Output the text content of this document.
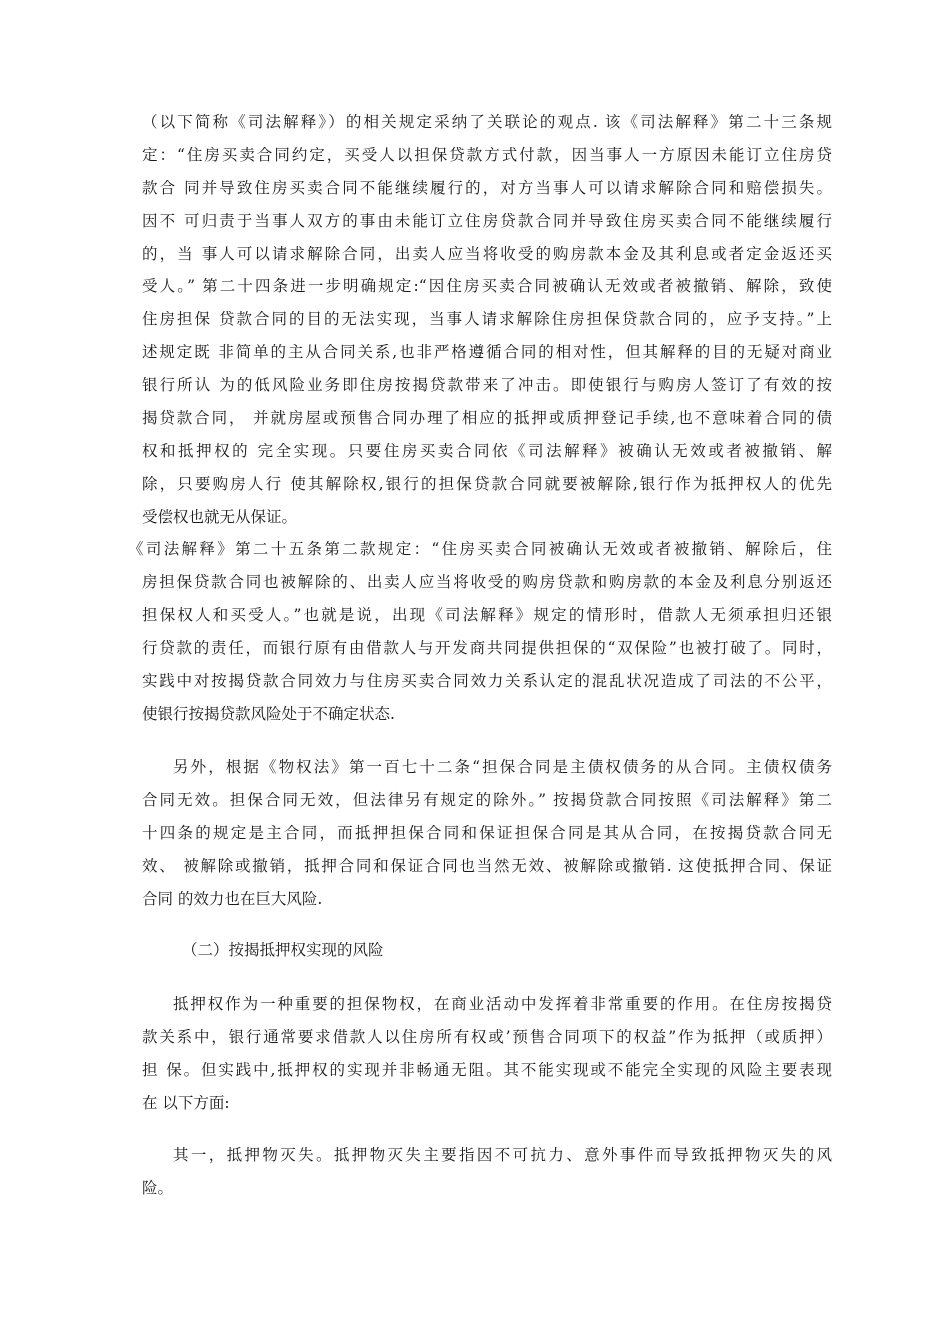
（以下简称《司法解释》）的相关规定采纳了关联论的观点. 该《司法解释》第二十三条规
定：“住房买卖合同约定，买受人以担保贷款方式付款，因当事人一方原因未能订立住房贷
款合 同并导致住房买卖合同不能继续履行的，对方当事人可以请求解除合同和赔偿损失。
因不 可归责于当事人双方的事由未能订立住房贷款合同并导致住房买卖合同不能继续履行
的，当 事人可以请求解除合同，出卖人应当将收受的购房款本金及其利息或者定金返还买
受人。” 第二十四条进一步明确规定:“因住房买卖合同被确认无效或者被撤销、解除，致使
住房担保 贷款合同的目的无法实现，当事人请求解除住房担保贷款合同的，应予支持。”上
述规定既 非简单的主从合同关系,也非严格遵循合同的相对性，但其解释的目的无疑对商业
银行所认 为的低风险业务即住房按揭贷款带来了冲击。即使银行与购房人签订了有效的按
揭贷款合同， 并就房屋或预售合同办理了相应的抵押或质押登记手续,也不意味着合同的债
权和抵押权的 完全实现。只要住房买卖合同依《司法解释》被确认无效或者被撤销、解
除，只要购房人行 使其解除权,银行的担保贷款合同就要被解除,银行作为抵押权人的优先
受偿权也就无从保证。
《司法解释》第二十五条第二款规定：“住房买卖合同被确认无效或者被撤销、解除后，住
房担保贷款合同也被解除的、出卖人应当将收受的购房贷款和购房款的本金及利息分别返还
担保权人和买受人。”也就是说，出现《司法解释》规定的情形时，借款人无须承担归还银
行贷款的责任，而银行原有由借款人与开发商共同提供担保的“双保险”也被打破了。同时，
实践中对按揭贷款合同效力与住房买卖合同效力关系认定的混乱状况造成了司法的不公平，
使银行按揭贷款风险处于不确定状态.
另外，根据《物权法》第一百七十二条“担保合同是主债权债务的从合同。主债权债务
合同无效。担保合同无效，但法律另有规定的除外。” 按揭贷款合同按照《司法解释》第二
十四条的规定是主合同，而抵押担保合同和保证担保合同是其从合同，在按揭贷款合同无
效、 被解除或撤销，抵押合同和保证合同也当然无效、被解除或撤销. 这使抵押合同、保证
合同 的效力也在巨大风险.
（二）按揭抵押权实现的风险
抵押权作为一种重要的担保物权，在商业活动中发挥着非常重要的作用。在住房按揭贷
款关系中，银行通常要求借款人以住房所有权或’预售合同项下的权益”作为抵押（或质押）
担 保。但实践中,抵押权的实现并非畅通无阻。其不能实现或不能完全实现的风险主要表现
在 以下方面:
其一，抵押物灭失。抵押物灭失主要指因不可抗力、意外事件而导致抵押物灭失的风
险。
